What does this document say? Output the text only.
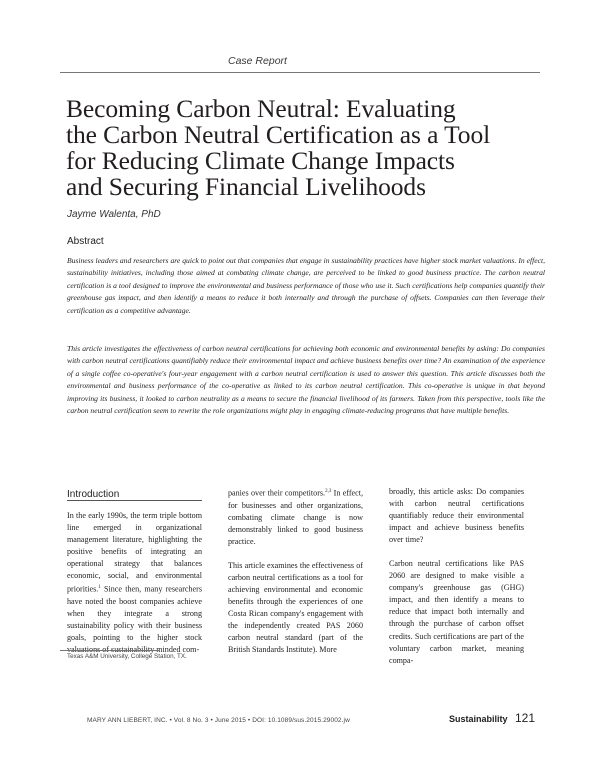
Case Report
Becoming Carbon Neutral: Evaluating
the Carbon Neutral Certification as a Tool
for Reducing Climate Change Impacts
and Securing Financial Livelihoods
Jayme Walenta, PhD
Abstract

Business leaders and researchers are quick to point out that companies that engage in sustainability practices have higher stock market valuations. In effect, sustainability initiatives, including those aimed at combating climate change, are perceived to be linked to good business practice. The carbon neutral certification is a tool designed to improve the environmental and business performance of those who use it. Such certifications help companies quantify their greenhouse gas impact, and then identify a means to reduce it both internally and through the purchase of offsets. Companies can then leverage their certification as a competitive advantage.

This article investigates the effectiveness of carbon neutral certifications for achieving both economic and environmental benefits by asking: Do companies with carbon neutral certifications quantifiably reduce their environmental impact and achieve business benefits over time? An examination of the experience of a single coffee co-operative's four-year engagement with a carbon neutral certification is used to answer this question. This article discusses both the environmental and business performance of the co-operative as linked to its carbon neutral certification. This co-operative is unique in that beyond improving its business, it looked to carbon neutrality as a means to secure the financial livelihood of its farmers. Taken from this perspective, tools like the carbon neutral certification seem to rewrite the role organizations might play in engaging climate-reducing programs that have multiple benefits.

Introduction

In the early 1990s, the term triple bottom line emerged in organizational management literature, highlighting the positive benefits of integrating an operational strategy that balances economic, social, and environmental priorities.$^1$ Since then, many researchers have noted the boost companies achieve when they integrate a strong sustainability policy with their business goals, pointing to the higher stock valuations of sustainability minded com-

panies over their competitors.$^{2,3}$ In effect, for businesses and other organizations, combating climate change is now demonstrably linked to good business practice.

This article examines the effectiveness of carbon neutral certifications as a tool for achieving environmental and economic benefits through the experiences of one Costa Rican company's engagement with the independently created PAS 2060 carbon neutral standard (part of the British Standards Institute). More

broadly, this article asks: Do companies with carbon neutral certifications quantifiably reduce their environmental impact and achieve business benefits over time?

Carbon neutral certifications like PAS 2060 are designed to make visible a company's greenhouse gas (GHG) impact, and then identify a means to reduce that impact both internally and through the purchase of carbon offset credits. Such certifications are part of the voluntary carbon market, meaning compa-

Texas A&M University, College Station, TX.
MARY ANN LIEBERT, INC. • Vol. 8 No. 3 • June 2015 • DOI: 10.1089/sus.2015.29002.jw	Sustainability 121
